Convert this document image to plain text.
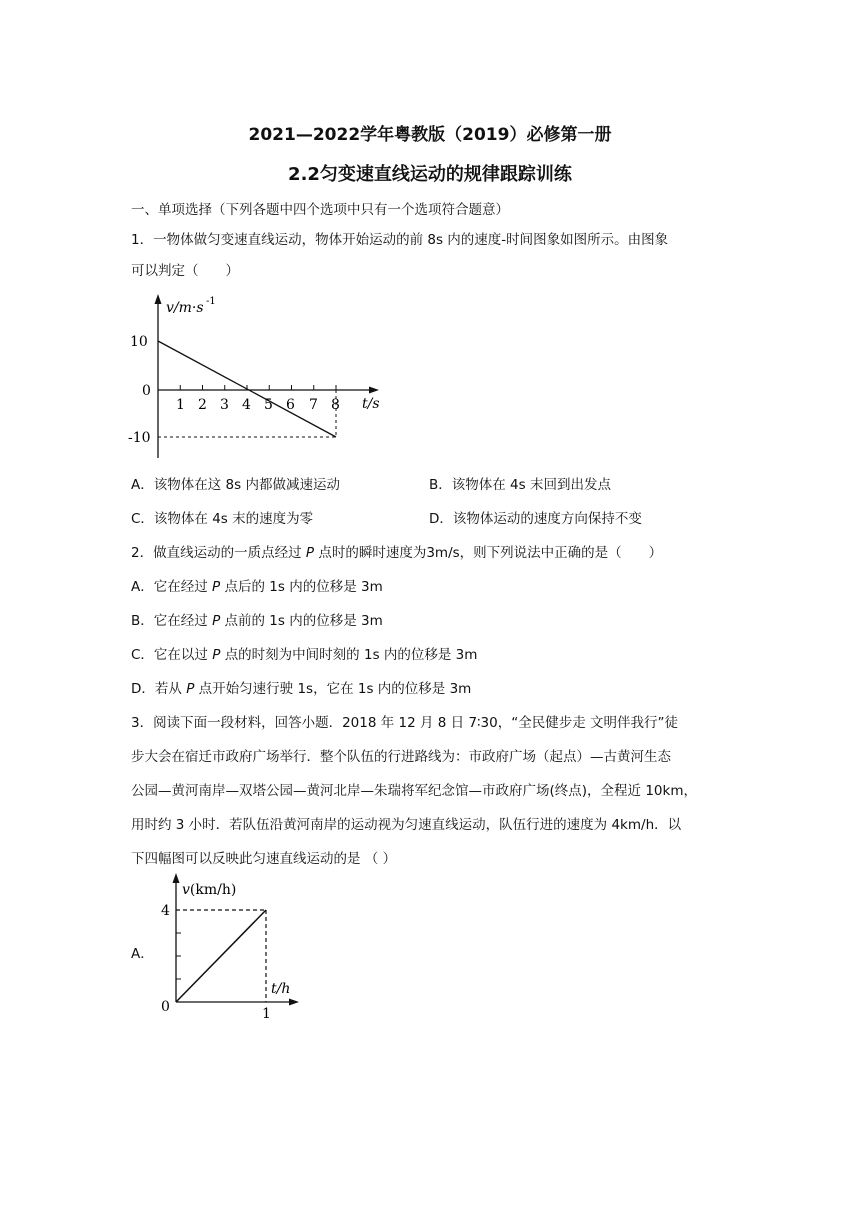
2021—2022学年粤教版（2019）必修第一册
2.2匀变速直线运动的规律跟踪训练
一、单项选择（下列各题中四个选项中只有一个选项符合题意）
1．一物体做匀变速直线运动，物体开始运动的前 8s 内的速度-时间图象如图所示。由图象
可以判定（　　）
10
0
-10
1 2 3 4 5 6 7 8
v/m·s -1
t/s
A．该物体在这 8s 内都做减速运动	B．该物体在 4s 末回到出发点
C．该物体在 4s 末的速度为零	D．该物体运动的速度方向保持不变
2．做直线运动的一质点经过 P 点时的瞬时速度为3m/s，则下列说法中正确的是（　　）
A．它在经过 P 点后的 1s 内的位移是 3m
B．它在经过 P 点前的 1s 内的位移是 3m
C．它在以过 P 点的时刻为中间时刻的 1s 内的位移是 3m
D．若从 P 点开始匀速行驶 1s，它在 1s 内的位移是 3m
3．阅读下面一段材料，回答小题．2018 年 12 月 8 日 7∶30，“全民健步走 文明伴我行”徒
步大会在宿迁市政府广场举行．整个队伍的行进路线为：市政府广场（起点）—古黄河生态
公园—黄河南岸—双塔公园—黄河北岸—朱瑞将军纪念馆—市政府广场(终点)，全程近 10km，
用时约 3 小时．若队伍沿黄河南岸的运动视为匀速直线运动，队伍行进的速度为 4km/h．以
下四幅图可以反映此匀速直线运动的是 （ ）
A．
4
0	1
v(km/h)
t/h
